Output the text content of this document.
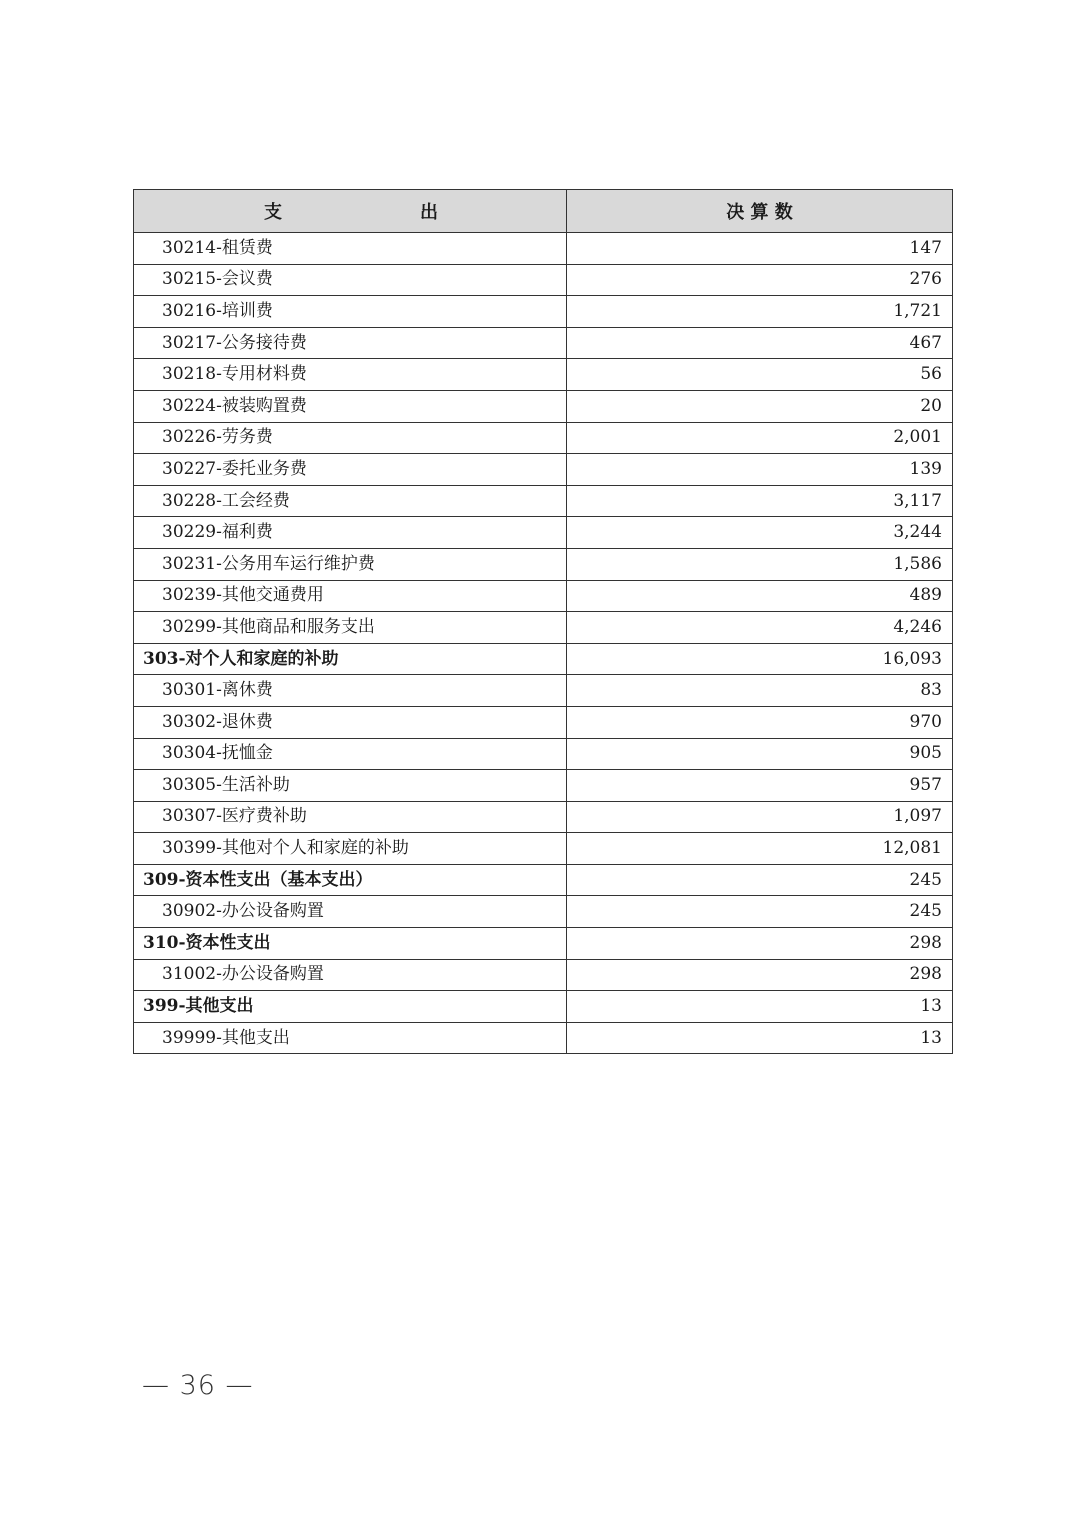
支 出	决 算 数
30214-租赁费	147
30215-会议费	276
30216-培训费	1,721
30217-公务接待费	467
30218-专用材料费	56
30224-被装购置费	20
30226-劳务费	2,001
30227-委托业务费	139
30228-工会经费	3,117
30229-福利费	3,244
30231-公务用车运行维护费	1,586
30239-其他交通费用	489
30299-其他商品和服务支出	4,246
303-对个人和家庭的补助	16,093
30301-离休费	83
30302-退休费	970
30304-抚恤金	905
30305-生活补助	957
30307-医疗费补助	1,097
30399-其他对个人和家庭的补助	12,081
309-资本性支出（基本支出）	245
30902-办公设备购置	245
310-资本性支出	298
31002-办公设备购置	298
399-其他支出	13
39999-其他支出	13
— 36 —
